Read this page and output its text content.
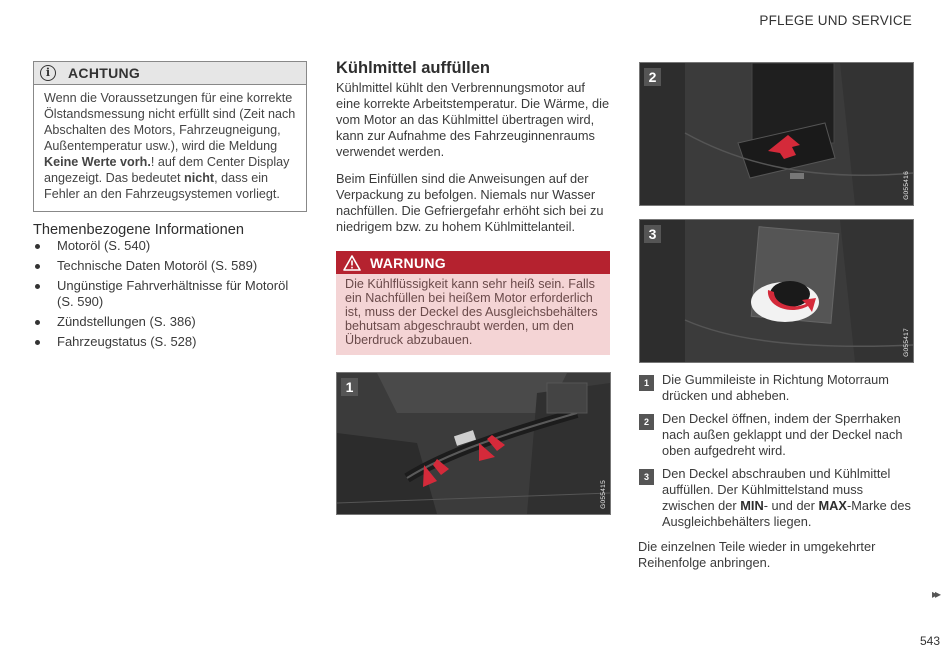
PFLEGE UND SERVICE
i	ACHTUNG
Wenn die Voraussetzungen für eine korrekte Ölstandsmessung nicht erfüllt sind (Zeit nach Abschalten des Motors, Fahrzeugneigung, Außentemperatur usw.), wird die Meldung Keine Werte vorh.! auf dem Center Display angezeigt. Das bedeutet nicht, dass ein Fehler an den Fahrzeugsystemen vorliegt.
Themenbezogene Informationen
Motoröl (S. 540)
Technische Daten Motoröl (S. 589)
Ungünstige Fahrverhältnisse für Motoröl (S. 590)
Zündstellungen (S. 386)
Fahrzeugstatus (S. 528)
Kühlmittel auffüllen

Kühlmittel kühlt den Verbrennungsmotor auf eine korrekte Arbeitstemperatur. Die Wärme, die vom Motor an das Kühlmittel übertragen wird, kann zur Aufnahme des Fahrzeuginnenraums verwendet werden.

Beim Einfüllen sind die Anweisungen auf der Verpackung zu befolgen. Niemals nur Wasser nachfüllen. Die Gefriergefahr erhöht sich bei zu niedrigem bzw. zu hohem Kühlmittelanteil.

WARNUNG
Die Kühlflüssigkeit kann sehr heiß sein. Falls ein Nachfüllen bei heißem Motor erforderlich ist, muss der Deckel des Ausgleichsbehälters behutsam abgeschraubt werden, um den Überdruck abzubauen.
1
G055415
2
G055416
3
G055417
1	Die Gummileiste in Richtung Motorraum drücken und abheben.
2	Den Deckel öffnen, indem der Sperrhaken nach außen geklappt und der Deckel nach oben aufgedreht wird.
3	Den Deckel abschrauben und Kühlmittel auffüllen. Der Kühlmittelstand muss zwischen der MIN- und der MAX-Marke des Ausgleichbehälters liegen.
Die einzelnen Teile wieder in umgekehrter Reihenfolge anbringen.
▸▸
543
